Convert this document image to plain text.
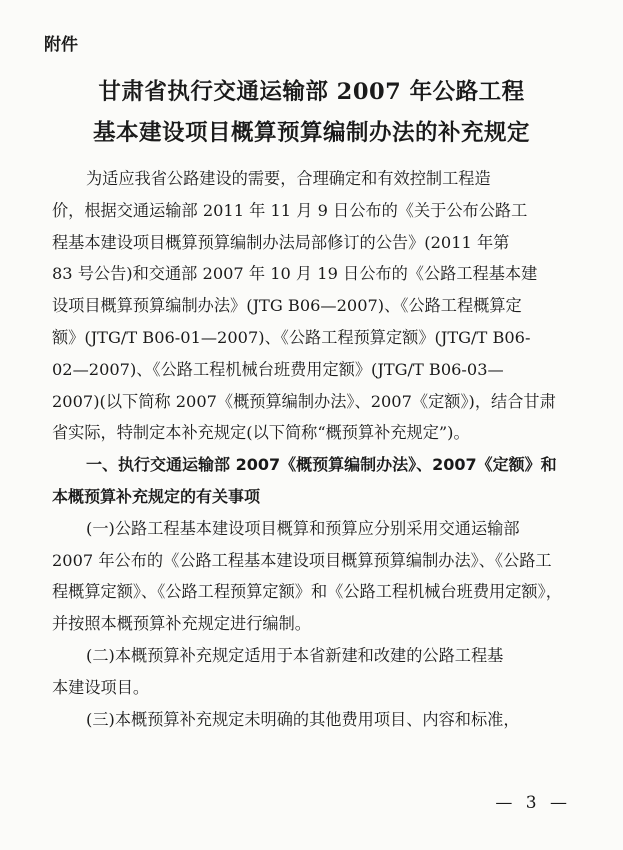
附件
甘肃省执行交通运输部 2007 年公路工程
基本建设项目概算预算编制办法的补充规定
为适应我省公路建设的需要，合理确定和有效控制工程造
价，根据交通运输部 2011 年 11 月 9 日公布的《关于公布公路工
程基本建设项目概算预算编制办法局部修订的公告》(2011 年第
83 号公告)和交通部 2007 年 10 月 19 日公布的《公路工程基本建
设项目概算预算编制办法》(JTG B06—2007)、《公路工程概算定
额》(JTG/T B06-01—2007)、《公路工程预算定额》(JTG/T B06-
02—2007)、《公路工程机械台班费用定额》(JTG/T B06-03—
2007)(以下简称 2007《概预算编制办法》、2007《定额》)，结合甘肃
省实际，特制定本补充规定(以下简称“概预算补充规定”)。
一、执行交通运输部 2007《概预算编制办法》、2007《定额》和
本概预算补充规定的有关事项
(一)公路工程基本建设项目概算和预算应分别采用交通运输部
2007 年公布的《公路工程基本建设项目概算预算编制办法》、《公路工
程概算定额》、《公路工程预算定额》和《公路工程机械台班费用定额》，
并按照本概预算补充规定进行编制。
(二)本概预算补充规定适用于本省新建和改建的公路工程基
本建设项目。
(三)本概预算补充规定未明确的其他费用项目、内容和标准，
— 3 —
